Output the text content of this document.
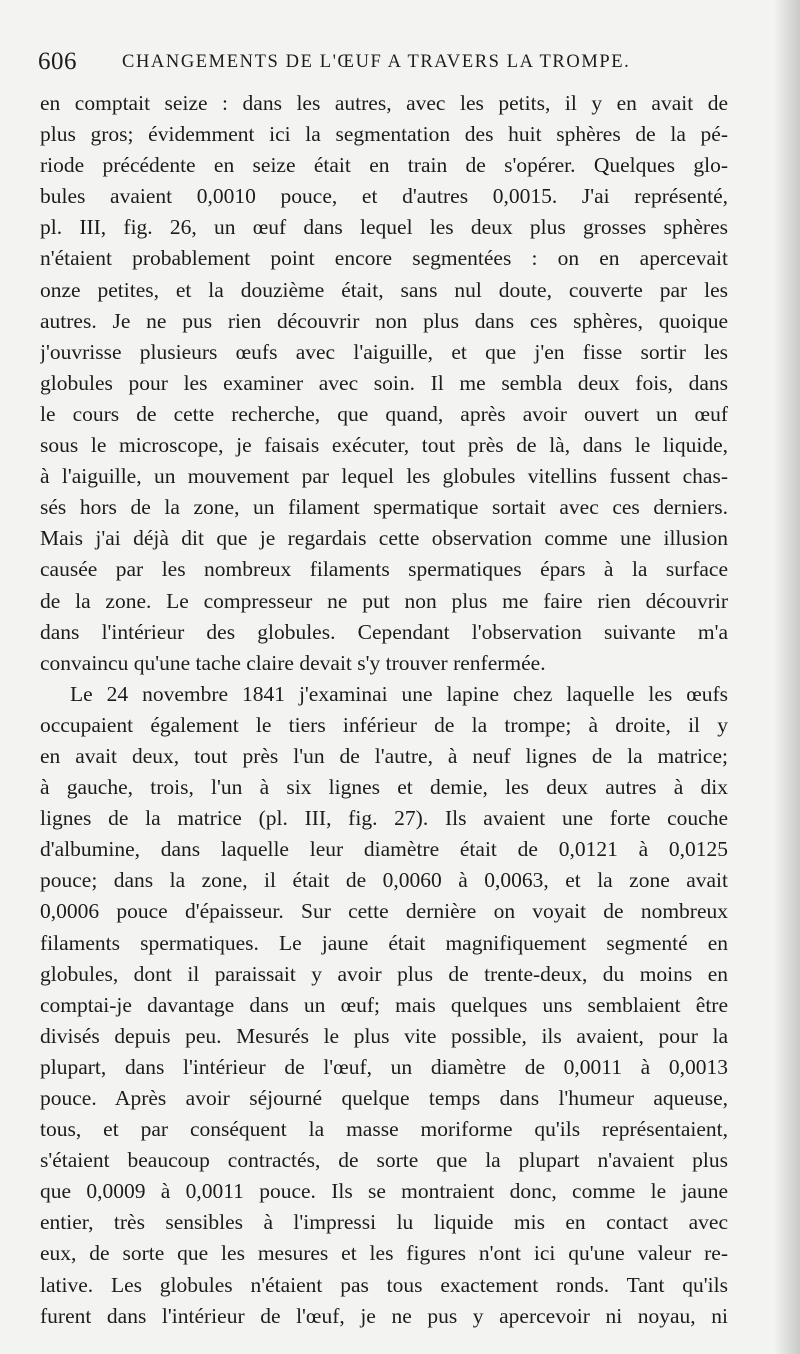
606 CHANGEMENTS DE L'ŒUF A TRAVERS LA TROMPE.
en comptait seize : dans les autres, avec les petits, il y en avait de
plus gros; évidemment ici la segmentation des huit sphères de la pé-
riode précédente en seize était en train de s'opérer. Quelques glo-
bules avaient 0,0010 pouce, et d'autres 0,0015. J'ai représenté,
pl. III, fig. 26, un œuf dans lequel les deux plus grosses sphères
n'étaient probablement point encore segmentées : on en apercevait
onze petites, et la douzième était, sans nul doute, couverte par les
autres. Je ne pus rien découvrir non plus dans ces sphères, quoique
j'ouvrisse plusieurs œufs avec l'aiguille, et que j'en fisse sortir les
globules pour les examiner avec soin. Il me sembla deux fois, dans
le cours de cette recherche, que quand, après avoir ouvert un œuf
sous le microscope, je faisais exécuter, tout près de là, dans le liquide,
à l'aiguille, un mouvement par lequel les globules vitellins fussent chas-
sés hors de la zone, un filament spermatique sortait avec ces derniers.
Mais j'ai déjà dit que je regardais cette observation comme une illusion
causée par les nombreux filaments spermatiques épars à la surface
de la zone. Le compresseur ne put non plus me faire rien découvrir
dans l'intérieur des globules. Cependant l'observation suivante m'a
convaincu qu'une tache claire devait s'y trouver renfermée.
Le 24 novembre 1841 j'examinai une lapine chez laquelle les œufs
occupaient également le tiers inférieur de la trompe; à droite, il y
en avait deux, tout près l'un de l'autre, à neuf lignes de la matrice;
à gauche, trois, l'un à six lignes et demie, les deux autres à dix
lignes de la matrice (pl. III, fig. 27). Ils avaient une forte couche
d'albumine, dans laquelle leur diamètre était de 0,0121 à 0,0125
pouce; dans la zone, il était de 0,0060 à 0,0063, et la zone avait
0,0006 pouce d'épaisseur. Sur cette dernière on voyait de nombreux
filaments spermatiques. Le jaune était magnifiquement segmenté en
globules, dont il paraissait y avoir plus de trente-deux, du moins en
comptai-je davantage dans un œuf; mais quelques uns semblaient être
divisés depuis peu. Mesurés le plus vite possible, ils avaient, pour la
plupart, dans l'intérieur de l'œuf, un diamètre de 0,0011 à 0,0013
pouce. Après avoir séjourné quelque temps dans l'humeur aqueuse,
tous, et par conséquent la masse moriforme qu'ils représentaient,
s'étaient beaucoup contractés, de sorte que la plupart n'avaient plus
que 0,0009 à 0,0011 pouce. Ils se montraient donc, comme le jaune
entier, très sensibles à l'impressi lu liquide mis en contact avec
eux, de sorte que les mesures et les figures n'ont ici qu'une valeur re-
lative. Les globules n'étaient pas tous exactement ronds. Tant qu'ils
furent dans l'intérieur de l'œuf, je ne pus y apercevoir ni noyau, ni
